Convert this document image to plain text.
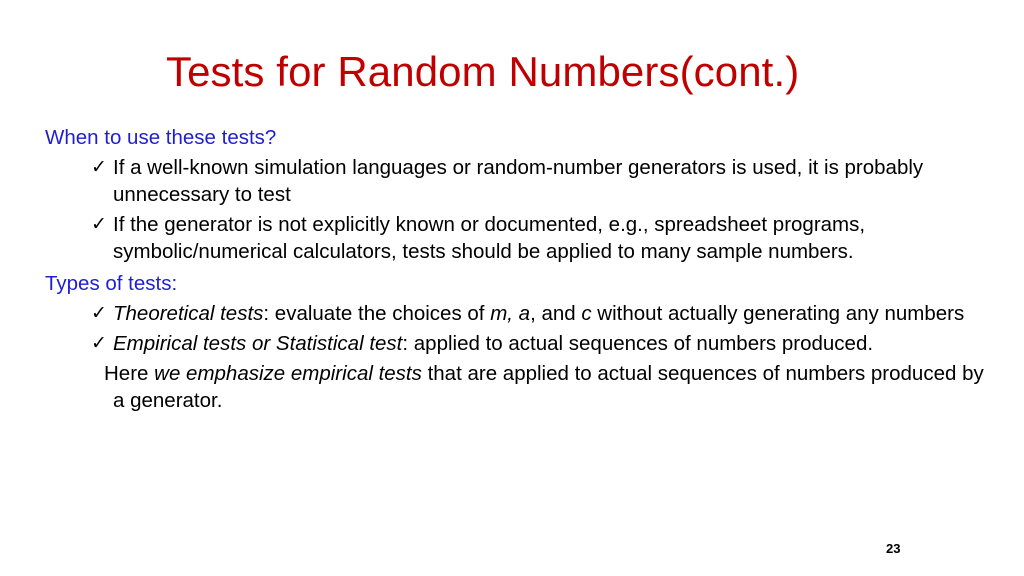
Tests for Random Numbers(cont.)
When to use these tests?
✓ If a well-known simulation languages or random-number generators is used, it is probably unnecessary to test
✓ If the generator is not explicitly known or documented, e.g., spreadsheet programs, symbolic/numerical calculators, tests should be applied to many sample numbers.
Types of tests:
✓ Theoretical tests: evaluate the choices of m, a, and c without actually generating any numbers
✓ Empirical tests or Statistical test: applied to actual sequences of numbers produced.
Here we emphasize empirical tests that are applied to actual sequences of numbers produced by a generator.
23
